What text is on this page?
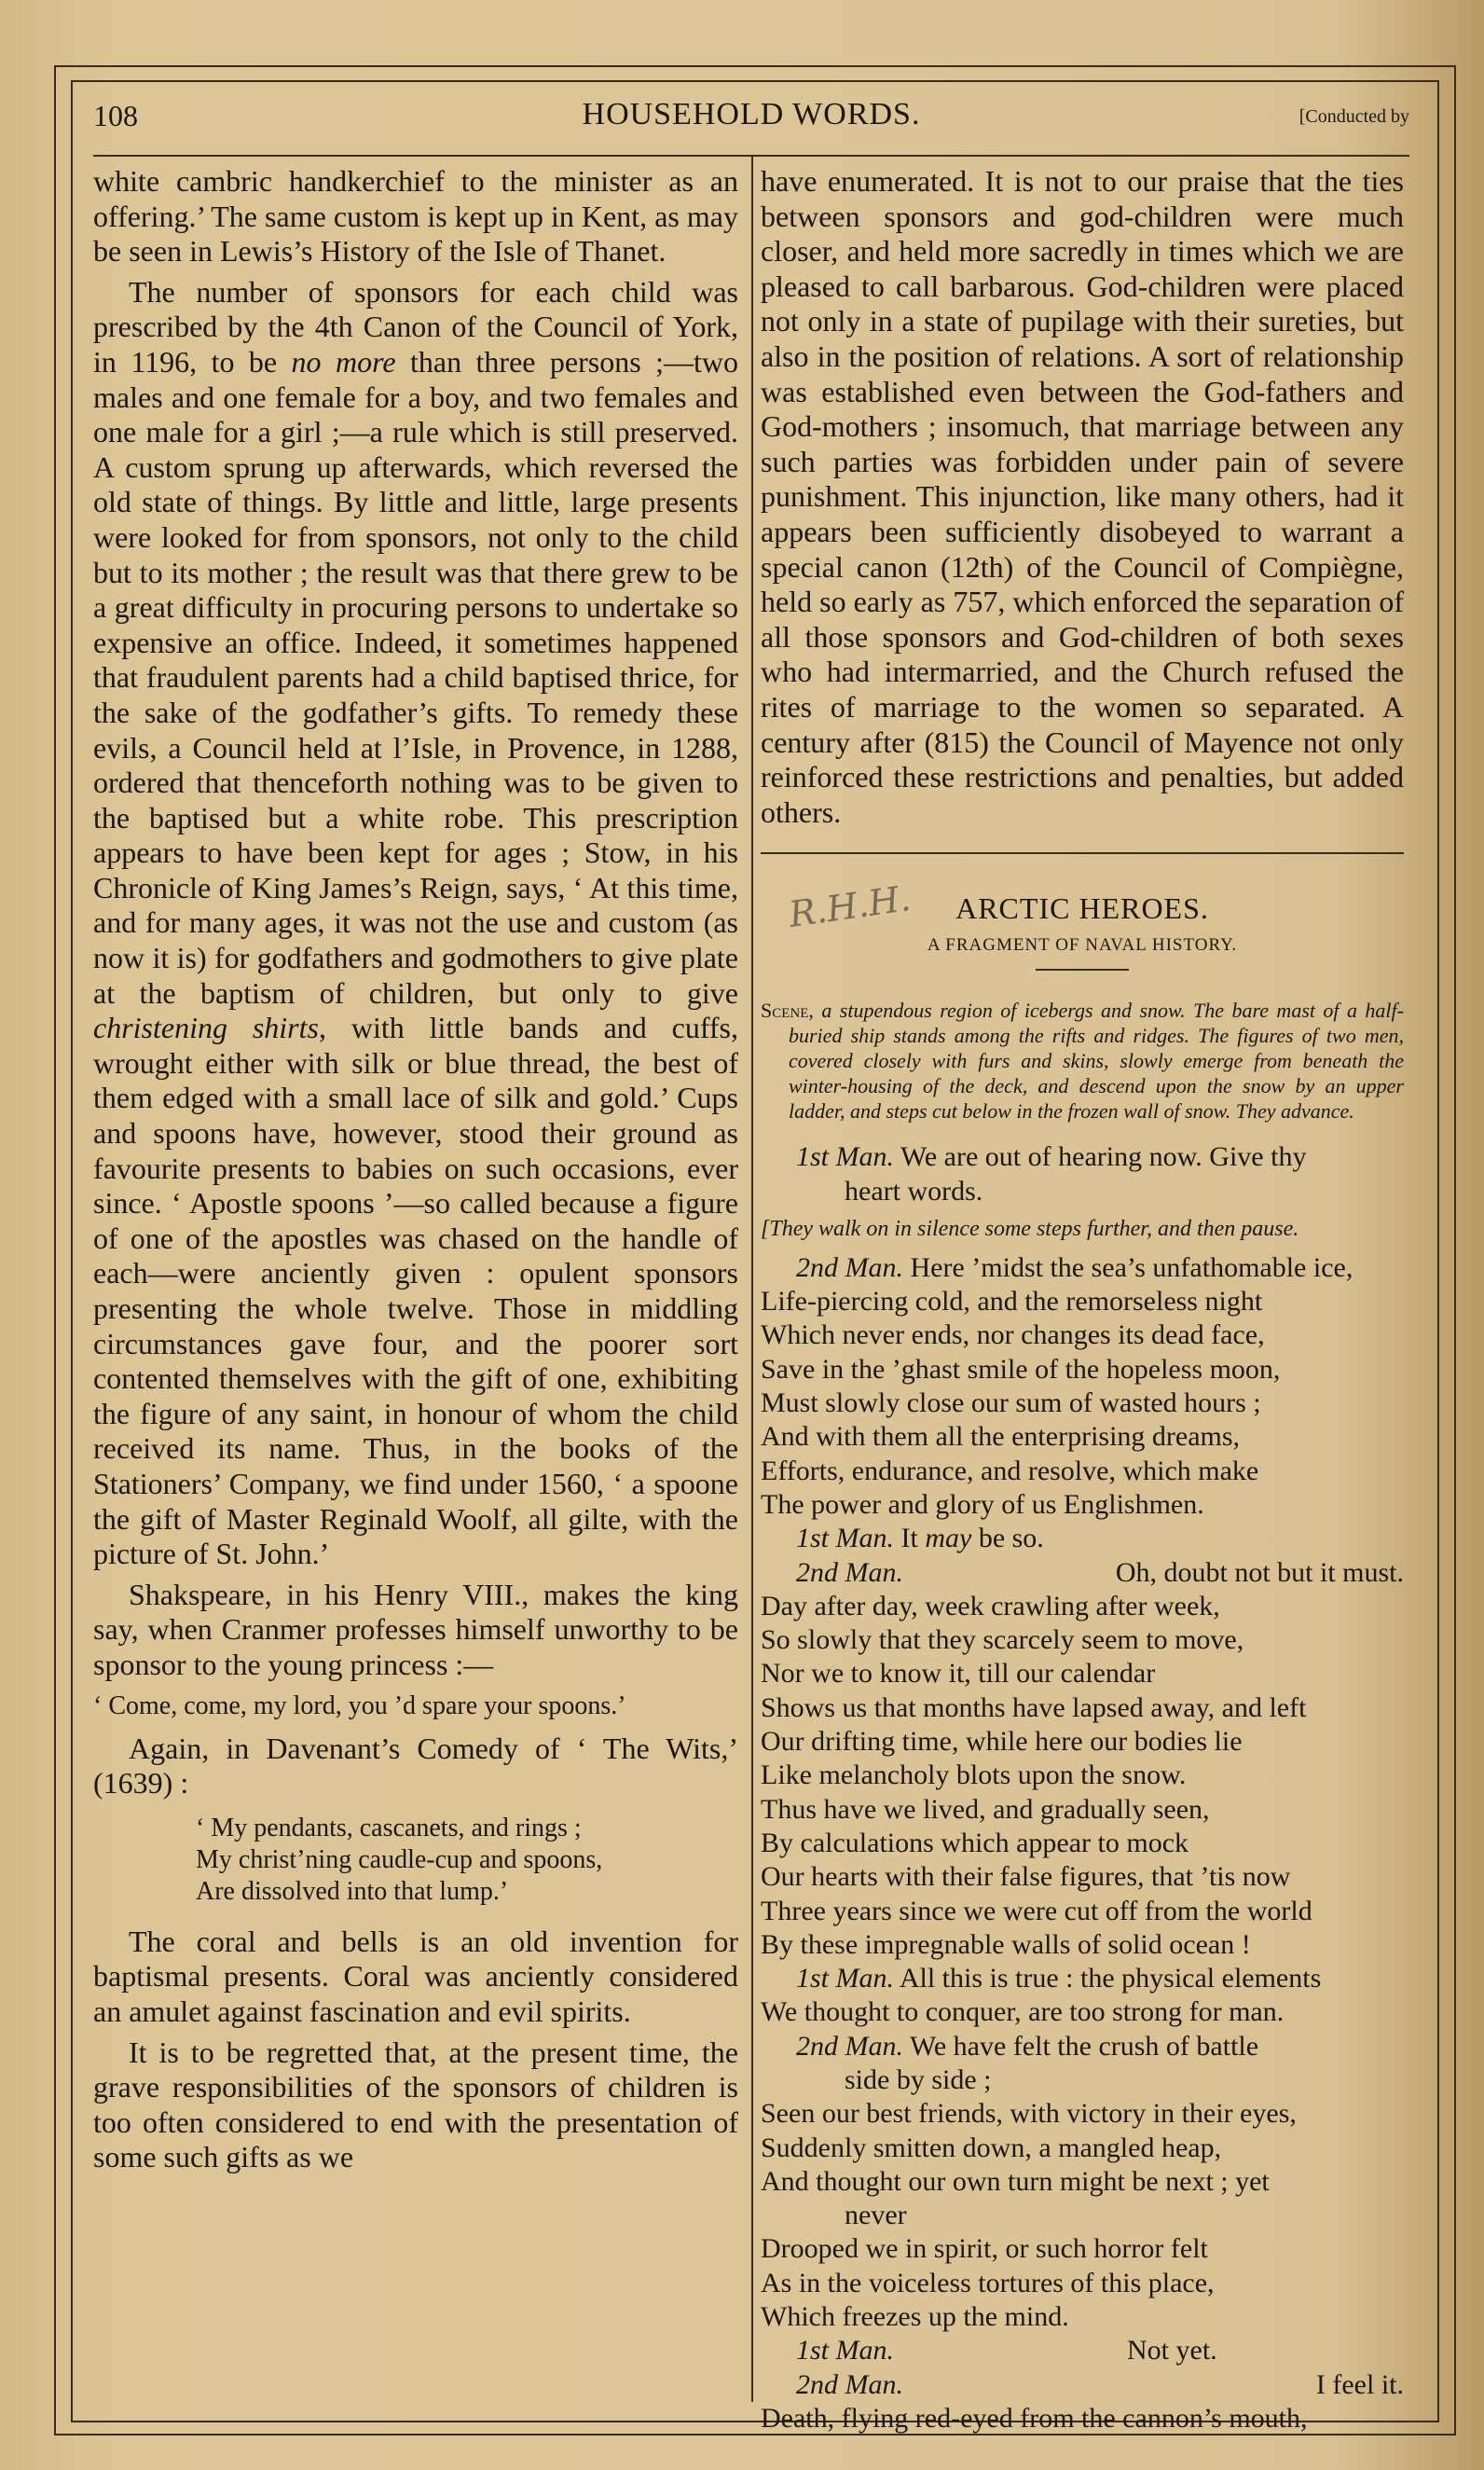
108	HOUSEHOLD WORDS.	[Conducted by

white cambric handkerchief to the minister as an offering.’ The same custom is kept up in Kent, as may be seen in Lewis’s History of the Isle of Thanet.

The number of sponsors for each child was prescribed by the 4th Canon of the Council of York, in 1196, to be no more than three persons ;—two males and one female for a boy, and two females and one male for a girl ;—a rule which is still preserved. A custom sprung up afterwards, which reversed the old state of things. By little and little, large presents were looked for from sponsors, not only to the child but to its mother ; the result was that there grew to be a great difficulty in procuring persons to undertake so expensive an office. Indeed, it sometimes happened that fraudulent parents had a child baptised thrice, for the sake of the godfather’s gifts. To remedy these evils, a Council held at l’Isle, in Provence, in 1288, ordered that thenceforth nothing was to be given to the baptised but a white robe. This prescription appears to have been kept for ages ; Stow, in his Chronicle of King James’s Reign, says, ‘ At this time, and for many ages, it was not the use and custom (as now it is) for godfathers and godmothers to give plate at the baptism of children, but only to give christening shirts, with little bands and cuffs, wrought either with silk or blue thread, the best of them edged with a small lace of silk and gold.’ Cups and spoons have, however, stood their ground as favourite presents to babies on such occasions, ever since. ‘ Apostle spoons ’—so called because a figure of one of the apostles was chased on the handle of each—were anciently given : opulent sponsors presenting the whole twelve. Those in middling circumstances gave four, and the poorer sort contented themselves with the gift of one, exhibiting the figure of any saint, in honour of whom the child received its name. Thus, in the books of the Stationers’ Company, we find under 1560, ‘ a spoone the gift of Master Reginald Woolf, all gilte, with the picture of St. John.’

Shakspeare, in his Henry VIII., makes the king say, when Cranmer professes himself unworthy to be sponsor to the young princess :—

‘ Come, come, my lord, you ’d spare your spoons.’

Again, in Davenant’s Comedy of ‘ The Wits,’ (1639) :

‘ My pendants, cascanets, and rings ;
My christ’ning caudle-cup and spoons,
Are dissolved into that lump.’

The coral and bells is an old invention for baptismal presents. Coral was anciently considered an amulet against fascination and evil spirits.

It is to be regretted that, at the present time, the grave responsibilities of the sponsors of children is too often considered to end with the presentation of some such gifts as we

have enumerated. It is not to our praise that the ties between sponsors and god-children were much closer, and held more sacredly in times which we are pleased to call barbarous. God-children were placed not only in a state of pupilage with their sureties, but also in the position of relations. A sort of relationship was established even between the God-fathers and God-mothers ; insomuch, that marriage between any such parties was forbidden under pain of severe punishment. This injunction, like many others, had it appears been sufficiently disobeyed to warrant a special canon (12th) of the Council of Compiègne, held so early as 757, which enforced the separation of all those sponsors and God-children of both sexes who had intermarried, and the Church refused the rites of marriage to the women so separated. A century after (815) the Council of Mayence not only reinforced these restrictions and penalties, but added others.

R.H.H.	ARCTIC HEROES.
A FRAGMENT OF NAVAL HISTORY.

Scene, a stupendous region of icebergs and snow. The bare mast of a half-buried ship stands among the rifts and ridges. The figures of two men, covered closely with furs and skins, slowly emerge from beneath the winter-housing of the deck, and descend upon the snow by an upper ladder, and steps cut below in the frozen wall of snow. They advance.

1st Man. We are out of hearing now. Give thy

heart words.

[They walk on in silence some steps further, and then pause.

2nd Man. Here ’midst the sea’s unfathomable ice,

Life-piercing cold, and the remorseless night

Which never ends, nor changes its dead face,

Save in the ’ghast smile of the hopeless moon,

Must slowly close our sum of wasted hours ;

And with them all the enterprising dreams,

Efforts, endurance, and resolve, which make

The power and glory of us Englishmen.

1st Man. It may be so.

2nd Man.	Oh, doubt not but it must.

Day after day, week crawling after week,

So slowly that they scarcely seem to move,

Nor we to know it, till our calendar

Shows us that months have lapsed away, and left

Our drifting time, while here our bodies lie

Like melancholy blots upon the snow.

Thus have we lived, and gradually seen,

By calculations which appear to mock

Our hearts with their false figures, that ’tis now

Three years since we were cut off from the world

By these impregnable walls of solid ocean !

1st Man. All this is true : the physical elements

We thought to conquer, are too strong for man.

2nd Man. We have felt the crush of battle

side by side ;

Seen our best friends, with victory in their eyes,

Suddenly smitten down, a mangled heap,

And thought our own turn might be next ; yet

never

Drooped we in spirit, or such horror felt

As in the voiceless tortures of this place,

Which freezes up the mind.

1st Man.	Not yet.

2nd Man.	I feel it.

Death, flying red-eyed from the cannon’s mouth,
